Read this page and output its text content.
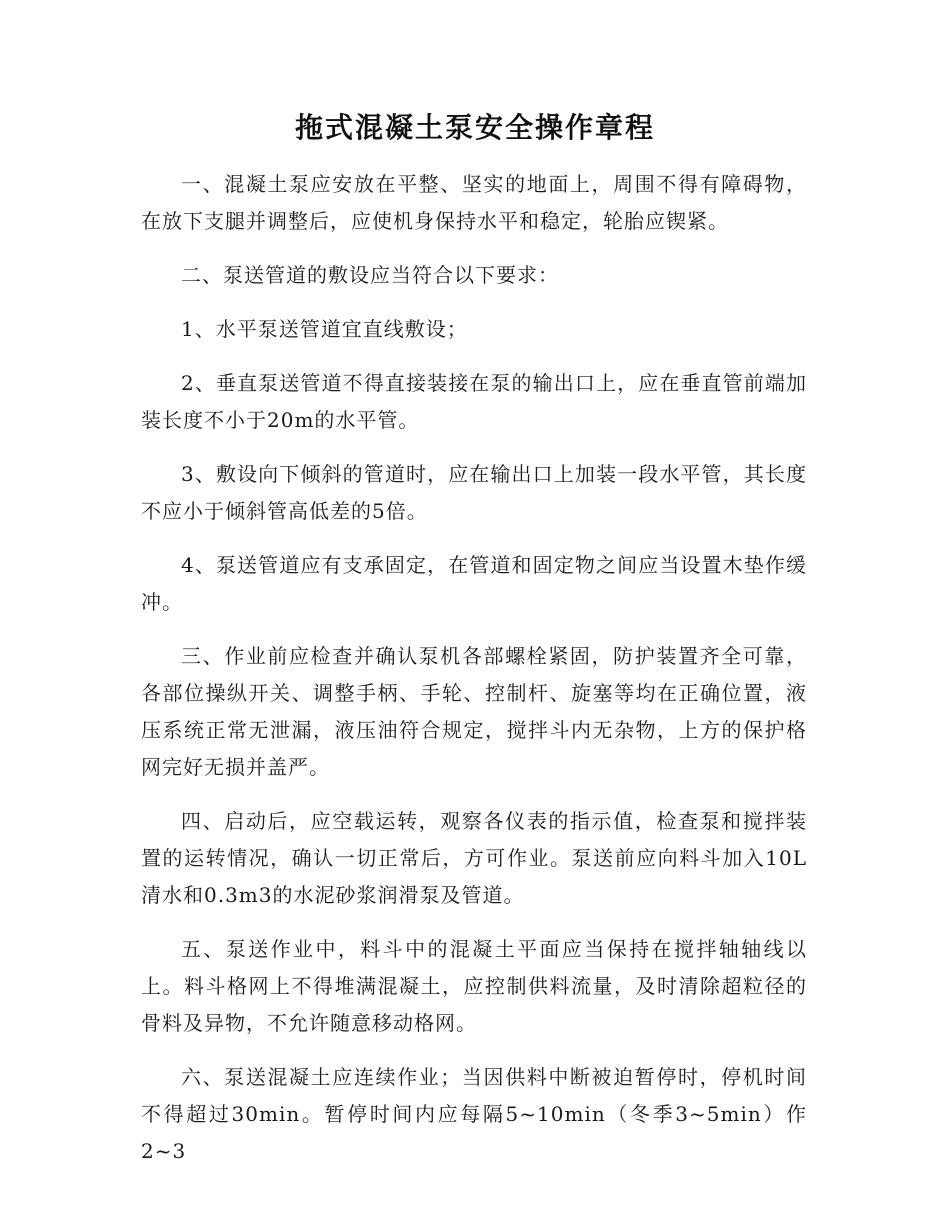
拖式混凝土泵安全操作章程

一、混凝土泵应安放在平整、坚实的地面上，周围不得有障碍物，在放下支腿并调整后，应使机身保持水平和稳定，轮胎应锲紧。

二、泵送管道的敷设应当符合以下要求：

1、水平泵送管道宜直线敷设；

2、垂直泵送管道不得直接装接在泵的输出口上，应在垂直管前端加装长度不小于20m的水平管。

3、敷设向下倾斜的管道时，应在输出口上加装一段水平管，其长度不应小于倾斜管高低差的5倍。

4、泵送管道应有支承固定，在管道和固定物之间应当设置木垫作缓冲。

三、作业前应检查并确认泵机各部螺栓紧固，防护装置齐全可靠，各部位操纵开关、调整手柄、手轮、控制杆、旋塞等均在正确位置，液压系统正常无泄漏，液压油符合规定，搅拌斗内无杂物，上方的保护格网完好无损并盖严。

四、启动后，应空载运转，观察各仪表的指示值，检查泵和搅拌装置的运转情况，确认一切正常后，方可作业。泵送前应向料斗加入10L清水和0.3m3的水泥砂浆润滑泵及管道。

五、泵送作业中，料斗中的混凝土平面应当保持在搅拌轴轴线以上。料斗格网上不得堆满混凝土，应控制供料流量，及时清除超粒径的骨料及异物，不允许随意移动格网。

六、泵送混凝土应连续作业；当因供料中断被迫暂停时，停机时间不得超过30min。暂停时间内应每隔5~10min（冬季3~5min）作2~3
